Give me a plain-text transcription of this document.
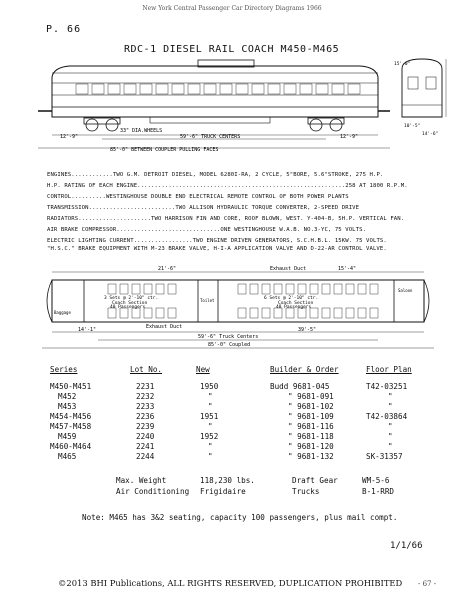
New York Central Passenger Car Directory Diagrams 1966
P. 66
RDC-1 DIESEL RAIL COACH M450-M465
33" DIA.WHEELS
59'-6" TRUCK CENTERS
85'-0" BETWEEN COUPLER PULLING FACES
12'-9"	12'-9"
10'-5"
14'-6"
15'-0"
ENGINES............TWO G.M. DETROIT DIESEL, MODEL 6280I-RA, 2 CYCLE, 5"BORE, 5.6"STROKE, 275 H.P.
H.P. RATING OF EACH ENGINE............................................................258 AT 1800 R.P.M.
CONTROL..........WESTINGHOUSE DOUBLE END ELECTRICAL REMOTE CONTROL OF BOTH POWER PLANTS
TRANSMISSION.........................TWO ALLISON HYDRAULIC TORQUE CONVERTER, 2-SPEED DRIVE
RADIATORS.....................TWO HARRISON FIN AND CORE, ROOF BLOWN, WEST. Y-404-B, 5H.P. VERTICAL FAN.
AIR BRAKE COMPRESSOR..............................ONE WESTINGHOUSE W.A.B. NO.3-YC, 75 VOLTS.
ELECTRIC LIGHTING CURRENT.................TWO ENGINE DRIVEN GENERATORS, S.C.H.B.L. 15KW. 75 VOLTS.
"H.S.C." BRAKE EQUIPMENT WITH M-23 BRAKE VALVE, H-I-A APPLICATION VALVE AND D-22-AR CONTROL VALVE.
21'-6"	Exhaust Duct	15'-4"
3 Sets @ 2'-10" ctr.	6 Sets @ 2'-10" ctr.
Coach Section
40 Passengers
Coach Section
48 Passengers
Baggage
Saloon
Toilet
Exhaust Duct
14'-1"	39'-5"
59'-6" Truck Centers
85'-0" Coupled
Series	Lot No.	New	Builder & Order	Floor Plan
M450-M451	2231	1950	Budd 9681-045	T42-03251
M452	2232	"	" 9681-091	"
M453	2233	"	" 9681-102	"
M454-M456	2236	1951	" 9681-109	T42-03864
M457-M458	2239	"	" 9681-116	"
M459	2240	1952	" 9681-118	"
M460-M464	2241	"	" 9681-120	"
M465	2244	"	" 9681-132	SK-31357
Max. Weight	118,230 lbs.	Draft Gear	WM-5-6
Air Conditioning Frigidaire	Trucks	B-1-RRD
Note: M465 has 3&2 seating, capacity 100 passengers, plus mail compt.
1/1/66
©2013 BHI Publications, ALL RIGHTS RESERVED, DUPLICATION PROHIBITED - 67 -
